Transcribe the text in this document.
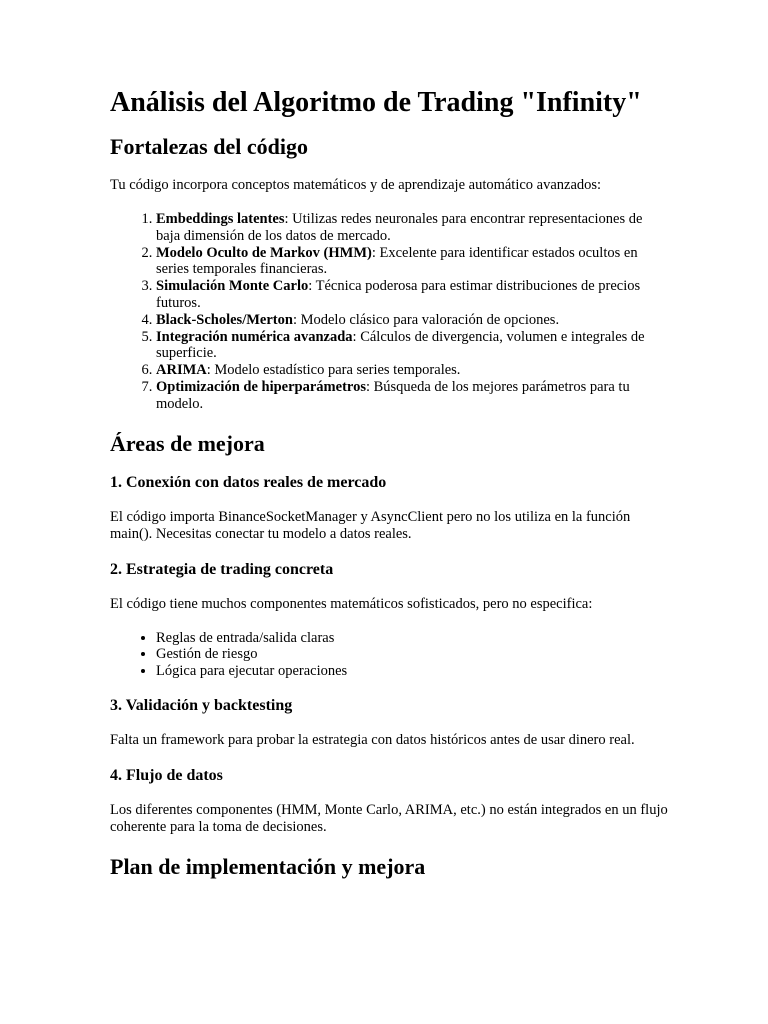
Análisis del Algoritmo de Trading "Infinity"
Fortalezas del código

Tu código incorpora conceptos matemáticos y de aprendizaje automático avanzados:

1. Embeddings latentes: Utilizas redes neuronales para encontrar representaciones de baja dimensión de los datos de mercado.
2. Modelo Oculto de Markov (HMM): Excelente para identificar estados ocultos en series temporales financieras.
3. Simulación Monte Carlo: Técnica poderosa para estimar distribuciones de precios futuros.
4. Black-Scholes/Merton: Modelo clásico para valoración de opciones.
5. Integración numérica avanzada: Cálculos de divergencia, volumen e integrales de superficie.
6. ARIMA: Modelo estadístico para series temporales.
7. Optimización de hiperparámetros: Búsqueda de los mejores parámetros para tu modelo.
Áreas de mejora
1. Conexión con datos reales de mercado

El código importa BinanceSocketManager y AsyncClient pero no los utiliza en la función main(). Necesitas conectar tu modelo a datos reales.

2. Estrategia de trading concreta

El código tiene muchos componentes matemáticos sofisticados, pero no especifica:

• Reglas de entrada/salida claras
• Gestión de riesgo
• Lógica para ejecutar operaciones
3. Validación y backtesting

Falta un framework para probar la estrategia con datos históricos antes de usar dinero real.

4. Flujo de datos

Los diferentes componentes (HMM, Monte Carlo, ARIMA, etc.) no están integrados en un flujo coherente para la toma de decisiones.

Plan de implementación y mejora
